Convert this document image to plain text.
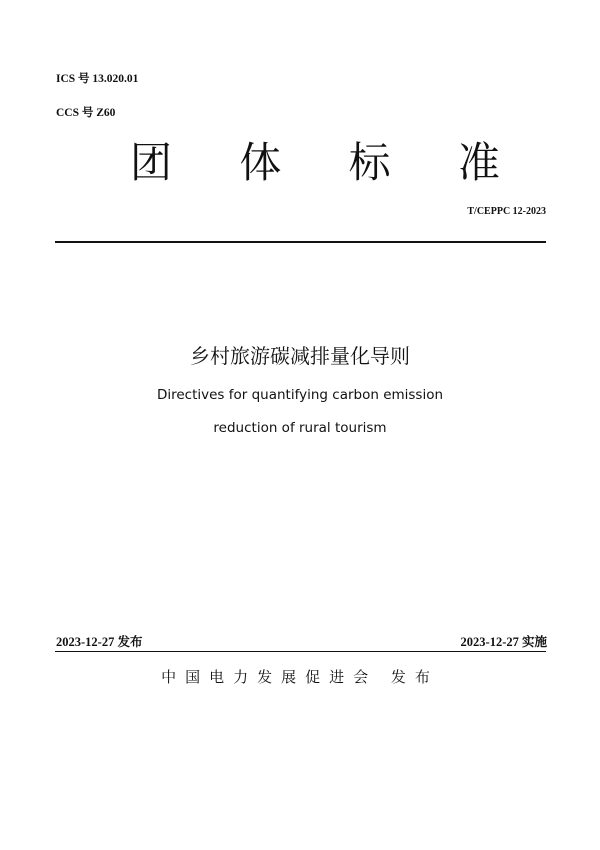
ICS 号 13.020.01
CCS 号 Z60
团 体 标 准
T/CEPPC 12-2023
乡村旅游碳减排量化导则
Directives for quantifying carbon emission
reduction of rural tourism
2023-12-27 发布	2023-12-27 实施
中国电力发展促进会 发布
